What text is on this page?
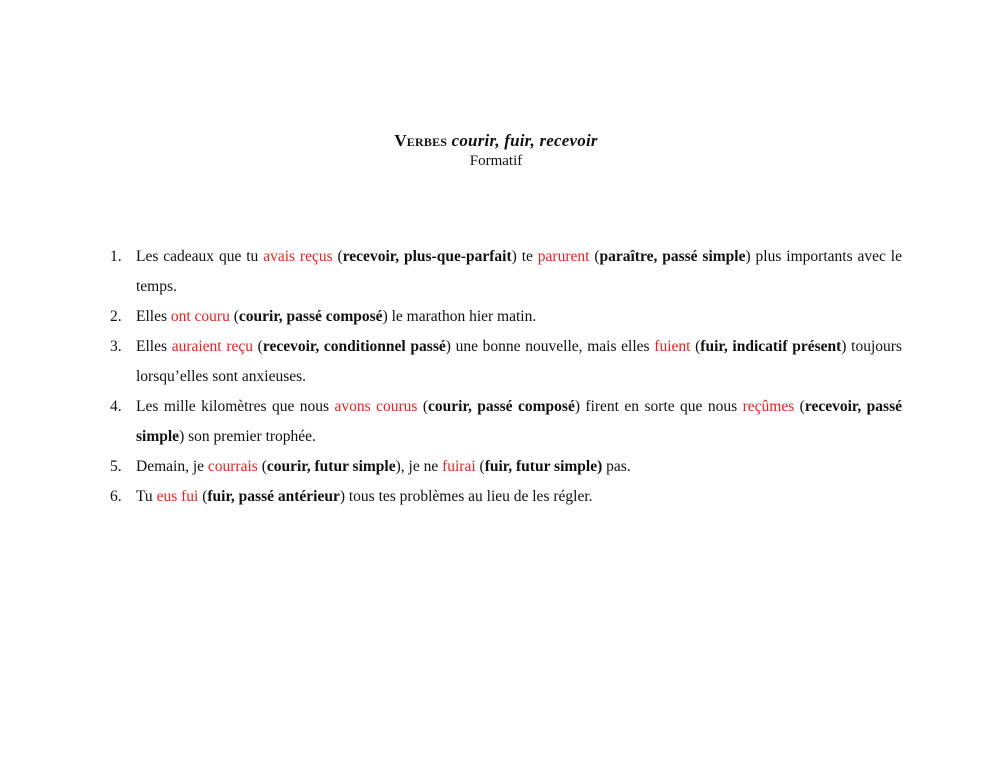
Verbes courir, fuir, recevoir
Formatif
1. Les cadeaux que tu avais reçus (recevoir, plus-que-parfait) te parurent (paraître, passé simple) plus importants avec le temps.
2. Elles ont couru (courir, passé composé) le marathon hier matin.
3. Elles auraient reçu (recevoir, conditionnel passé) une bonne nouvelle, mais elles fuient (fuir, indicatif présent) toujours lorsqu’elles sont anxieuses.
4. Les mille kilomètres que nous avons courus (courir, passé composé) firent en sorte que nous reçûmes (recevoir, passé simple) son premier trophée.
5. Demain, je courrais (courir, futur simple), je ne fuirai (fuir, futur simple) pas.
6. Tu eus fui (fuir, passé antérieur) tous tes problèmes au lieu de les régler.
